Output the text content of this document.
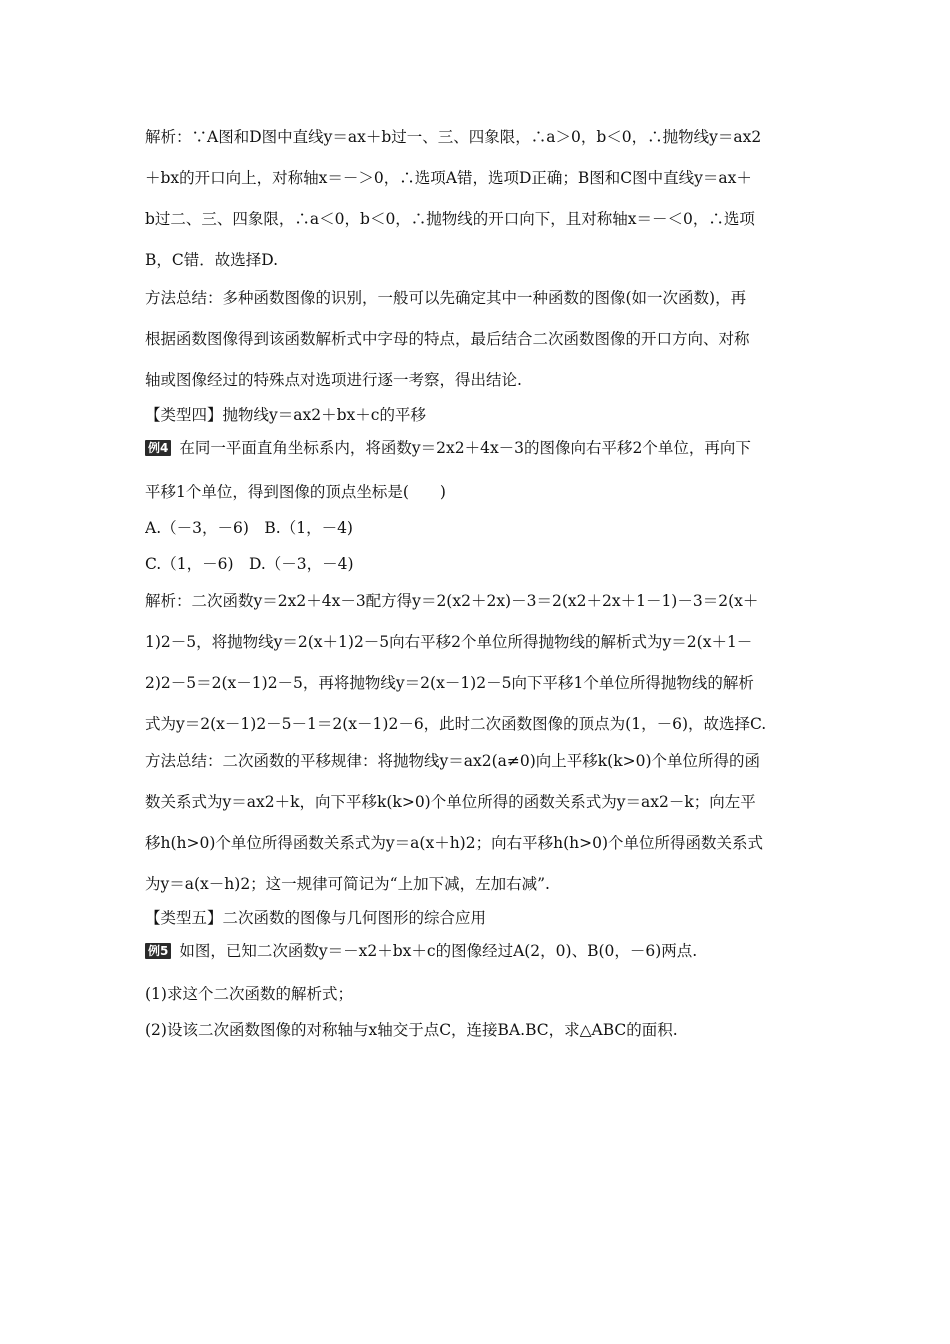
解析：∵A图和D图中直线y＝ax＋b过一、三、四象限，∴a＞0，b＜0，∴抛物线y＝ax2
＋bx的开口向上，对称轴x＝－＞0，∴选项A错，选项D正确；B图和C图中直线y＝ax＋
b过二、三、四象限，∴a＜0，b＜0，∴抛物线的开口向下，且对称轴x＝－＜0，∴选项
B，C错．故选择D.
方法总结：多种函数图像的识别，一般可以先确定其中一种函数的图像(如一次函数)，再
根据函数图像得到该函数解析式中字母的特点，最后结合二次函数图像的开口方向、对称
轴或图像经过的特殊点对选项进行逐一考察，得出结论.
【类型四】抛物线y＝ax2＋bx＋c的平移
例4 在同一平面直角坐标系内，将函数y＝2x2＋4x－3的图像向右平移2个单位，再向下
平移1个单位，得到图像的顶点坐标是(　　)
A.（－3，－6)　B.（1，－4)
C.（1，－6)　D.（－3，－4)
解析：二次函数y＝2x2＋4x－3配方得y＝2(x2＋2x)－3＝2(x2＋2x＋1－1)－3＝2(x＋
1)2－5，将抛物线y＝2(x＋1)2－5向右平移2个单位所得抛物线的解析式为y＝2(x＋1－
2)2－5＝2(x－1)2－5，再将抛物线y＝2(x－1)2－5向下平移1个单位所得抛物线的解析
式为y＝2(x－1)2－5－1＝2(x－1)2－6，此时二次函数图像的顶点为(1，－6)，故选择C.
方法总结：二次函数的平移规律：将抛物线y＝ax2(a≠0)向上平移k(k>0)个单位所得的函
数关系式为y＝ax2＋k，向下平移k(k>0)个单位所得的函数关系式为y＝ax2－k；向左平
移h(h>0)个单位所得函数关系式为y＝a(x＋h)2；向右平移h(h>0)个单位所得函数关系式
为y＝a(x－h)2；这一规律可简记为“上加下减，左加右减”.
【类型五】二次函数的图像与几何图形的综合应用
例5 如图，已知二次函数y＝－x2＋bx＋c的图像经过A(2，0)、B(0，－6)两点.
(1)求这个二次函数的解析式；
(2)设该二次函数图像的对称轴与x轴交于点C，连接BA.BC，求△ABC的面积.
